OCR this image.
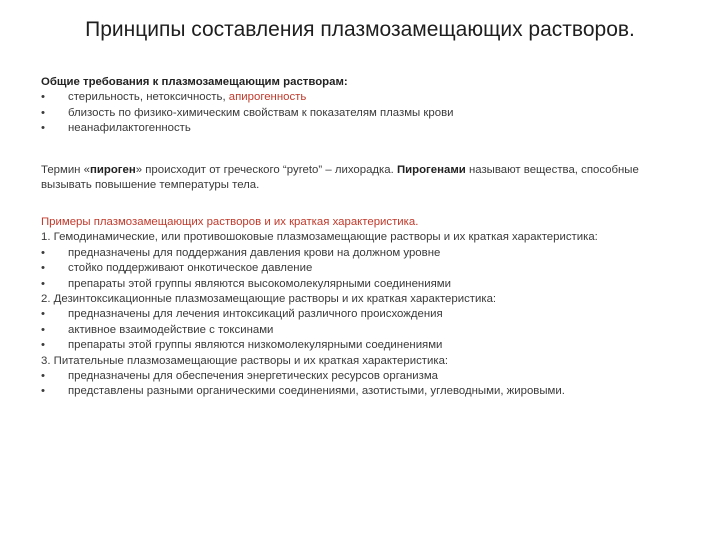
Принципы составления плазмозамещающих растворов.
Общие требования к плазмозамещающим растворам:
• стерильность, нетоксичность, апирогенность
• близость по физико-химическим свойствам к показателям плазмы крови
• неанафилактогенность
Термин «пироген» происходит от греческого “pyreto” – лихорадка. Пирогенами называют вещества, способные вызывать повышение температуры тела.
Примеры плазмозамещающих растворов и их краткая характеристика.
1. Гемодинамические, или противошоковые плазмозамещающие растворы и их краткая характеристика:
• предназначены для поддержания давления крови на должном уровне
• стойко поддерживают онкотическое давление
• препараты этой группы являются высокомолекулярными соединениями
2. Дезинтоксикационные плазмозамещающие растворы и их краткая характеристика:
• предназначены для лечения интоксикаций различного происхождения
• активное взаимодействие с токсинами
• препараты этой группы являются низкомолекулярными соединениями
3. Питательные плазмозамещающие растворы и их краткая характеристика:
• предназначены для обеспечения энергетических ресурсов организма
• представлены разными органическими соединениями, азотистыми, углеводными, жировыми.
